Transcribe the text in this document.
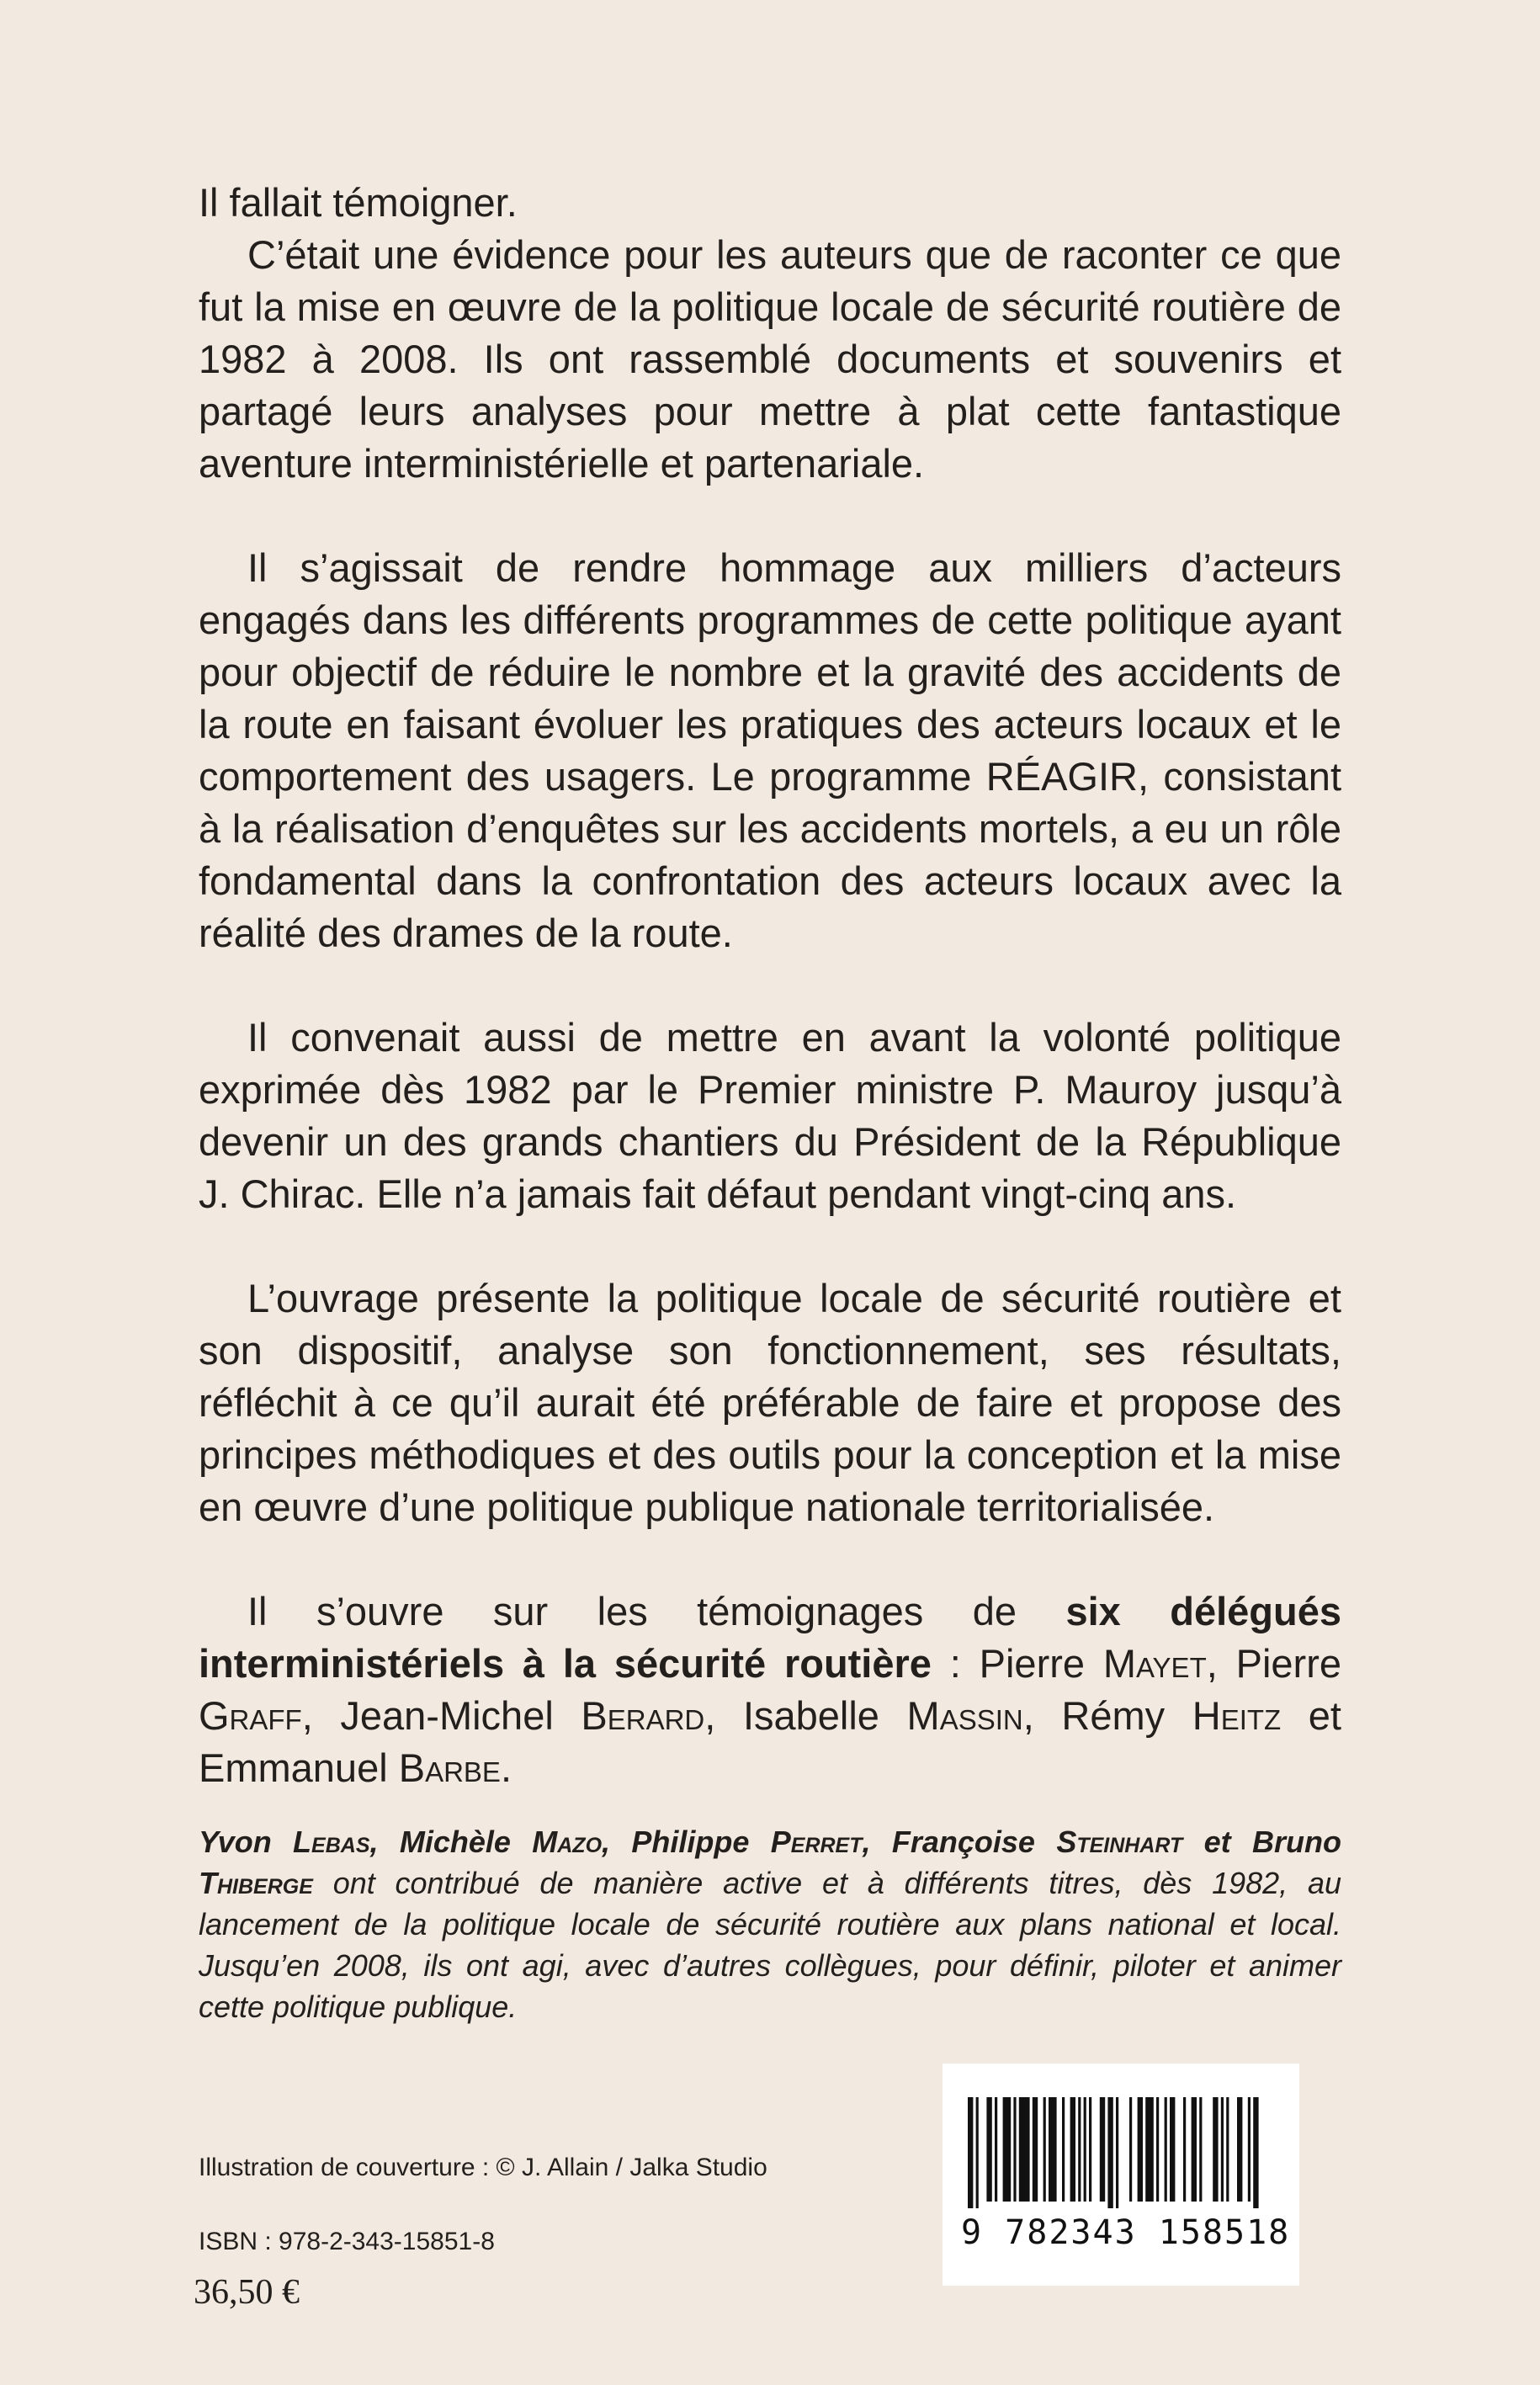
Il fallait témoigner.

C’était une évidence pour les auteurs que de raconter ce que fut la mise en œuvre de la politique locale de sécurité routière de 1982 à 2008. Ils ont rassemblé documents et souvenirs et partagé leurs analyses pour mettre à plat cette fantastique aventure interministérielle et partenariale.

Il s’agissait de rendre hommage aux milliers d’acteurs engagés dans les différents programmes de cette politique ayant pour objectif de réduire le nombre et la gravité des accidents de la route en faisant évoluer les pratiques des acteurs locaux et le comportement des usagers. Le programme RÉAGIR, consistant à la réalisation d’enquêtes sur les accidents mortels, a eu un rôle fondamental dans la confrontation des acteurs locaux avec la réalité des drames de la route.

Il convenait aussi de mettre en avant la volonté politique exprimée dès 1982 par le Premier ministre P. Mauroy jusqu’à devenir un des grands chantiers du Président de la République J. Chirac. Elle n’a jamais fait défaut pendant vingt-cinq ans.

L’ouvrage présente la politique locale de sécurité routière et son dispositif, analyse son fonctionnement, ses résultats, réfléchit à ce qu’il aurait été préférable de faire et propose des principes méthodiques et des outils pour la conception et la mise en œuvre d’une politique publique nationale territorialisée.

Il s’ouvre sur les témoignages de six délégués interministériels à la sécurité routière : Pierre Mayet, Pierre Graff, Jean-Michel Berard, Isabelle Massin, Rémy Heitz et Emmanuel Barbe.

Yvon Lebas, Michèle Mazo, Philippe Perret, Françoise Steinhart et Bruno Thiberge ont contribué de manière active et à différents titres, dès 1982, au lancement de la politique locale de sécurité routière aux plans national et local. Jusqu’en 2008, ils ont agi, avec d’autres collègues, pour définir, piloter et animer cette politique publique.
Illustration de couverture : © J. Allain / Jalka Studio
ISBN : 978-2-343-15851-8
36,50 €
9 782343 158518
